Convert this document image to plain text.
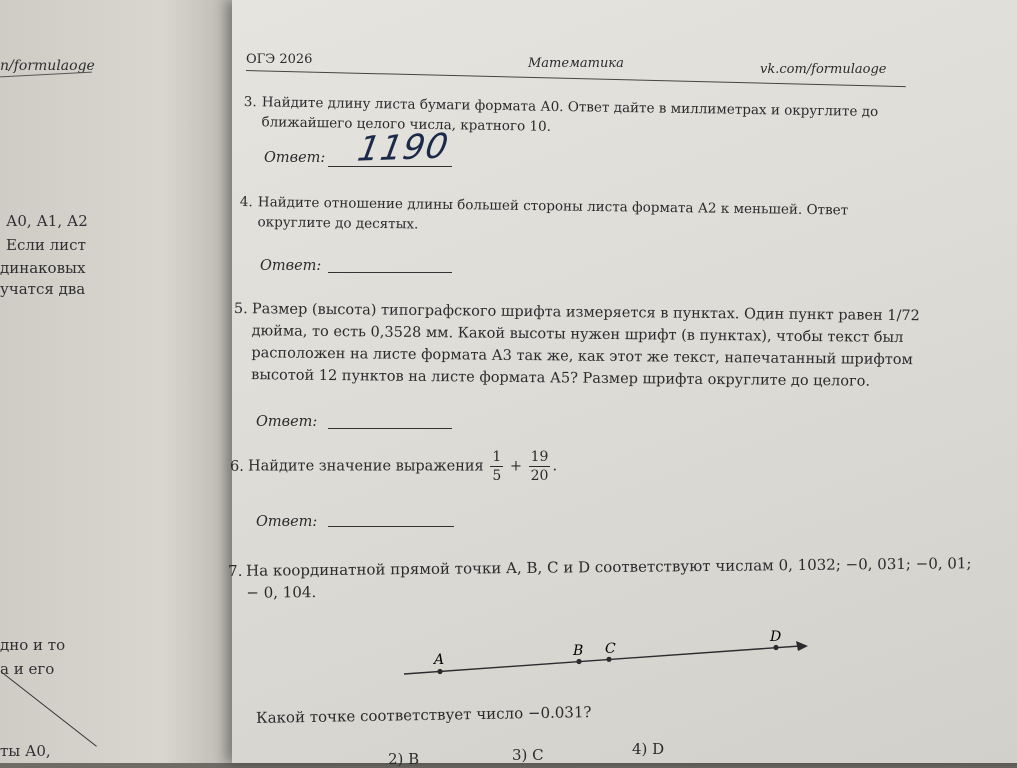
n/formulaoge
А0, А1, А2
Если лист
динаковых
учатся два
дно и то
а и его
ты А0,
ОГЭ 2026	Математика	vk.com/formulaoge
3. Найдите длину листа бумаги формата А0. Ответ дайте в миллиметрах и округлите до
ближайшего целого числа, кратного 10.
Ответ: 1190
4. Найдите отношение длины большей стороны листа формата А2 к меньшей. Ответ
округлите до десятых.
Ответ:
5. Размер (высота) типографского шрифта измеряется в пунктах. Один пункт равен 1/72
дюйма, то есть 0,3528 мм. Какой высоты нужен шрифт (в пунктах), чтобы текст был
расположен на листе формата А3 так же, как этот же текст, напечатанный шрифтом
высотой 12 пунктов на листе формата А5? Размер шрифта округлите до целого.
Ответ:
6. Найдите значение выражения $\frac{1}{5} + \frac{19}{20}$ .
Ответ:
7. На координатной прямой точки A, B, C и D соответствуют числам 0, 1032; −0, 031; −0, 01;
− 0, 104.
A
B C
D
Какой точке соответствует число −0.031?
2) B	3) C	4) D
